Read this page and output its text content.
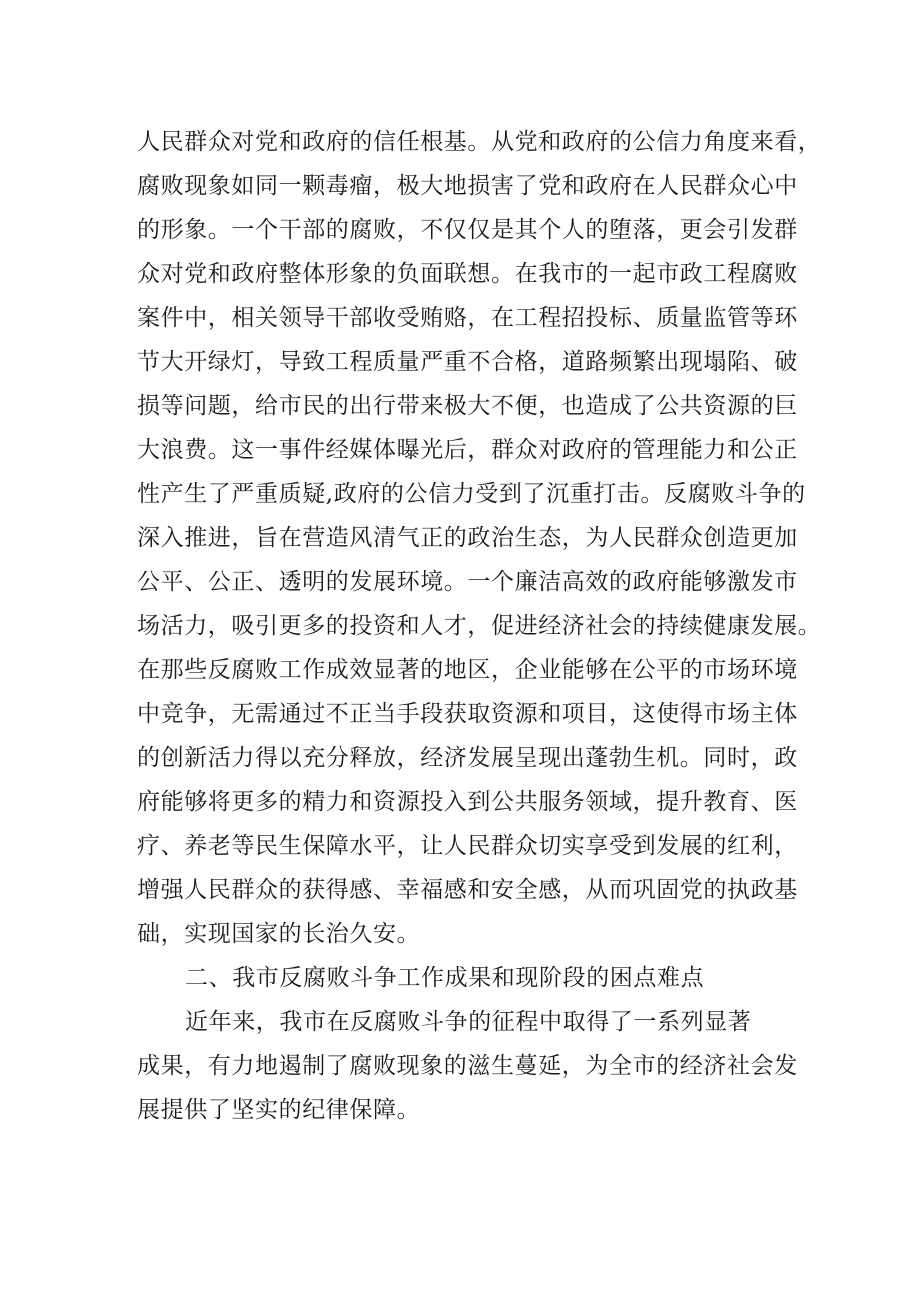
人民群众对党和政府的信任根基。从党和政府的公信力角度来看，
腐败现象如同一颗毒瘤，极大地损害了党和政府在人民群众心中
的形象。一个干部的腐败，不仅仅是其个人的堕落，更会引发群
众对党和政府整体形象的负面联想。在我市的一起市政工程腐败
案件中，相关领导干部收受贿赂，在工程招投标、质量监管等环
节大开绿灯，导致工程质量严重不合格，道路频繁出现塌陷、破
损等问题，给市民的出行带来极大不便，也造成了公共资源的巨
大浪费。这一事件经媒体曝光后，群众对政府的管理能力和公正
性产生了严重质疑,政府的公信力受到了沉重打击。反腐败斗争的
深入推进，旨在营造风清气正的政治生态，为人民群众创造更加
公平、公正、透明的发展环境。一个廉洁高效的政府能够激发市
场活力，吸引更多的投资和人才，促进经济社会的持续健康发展。
在那些反腐败工作成效显著的地区，企业能够在公平的市场环境
中竞争，无需通过不正当手段获取资源和项目，这使得市场主体
的创新活力得以充分释放，经济发展呈现出蓬勃生机。同时，政
府能够将更多的精力和资源投入到公共服务领域，提升教育、医
疗、养老等民生保障水平，让人民群众切实享受到发展的红利，
增强人民群众的获得感、幸福感和安全感，从而巩固党的执政基
础，实现国家的长治久安。
二、我市反腐败斗争工作成果和现阶段的困点难点
近年来，我市在反腐败斗争的征程中取得了一系列显著
成果，有力地遏制了腐败现象的滋生蔓延，为全市的经济社会发
展提供了坚实的纪律保障。
